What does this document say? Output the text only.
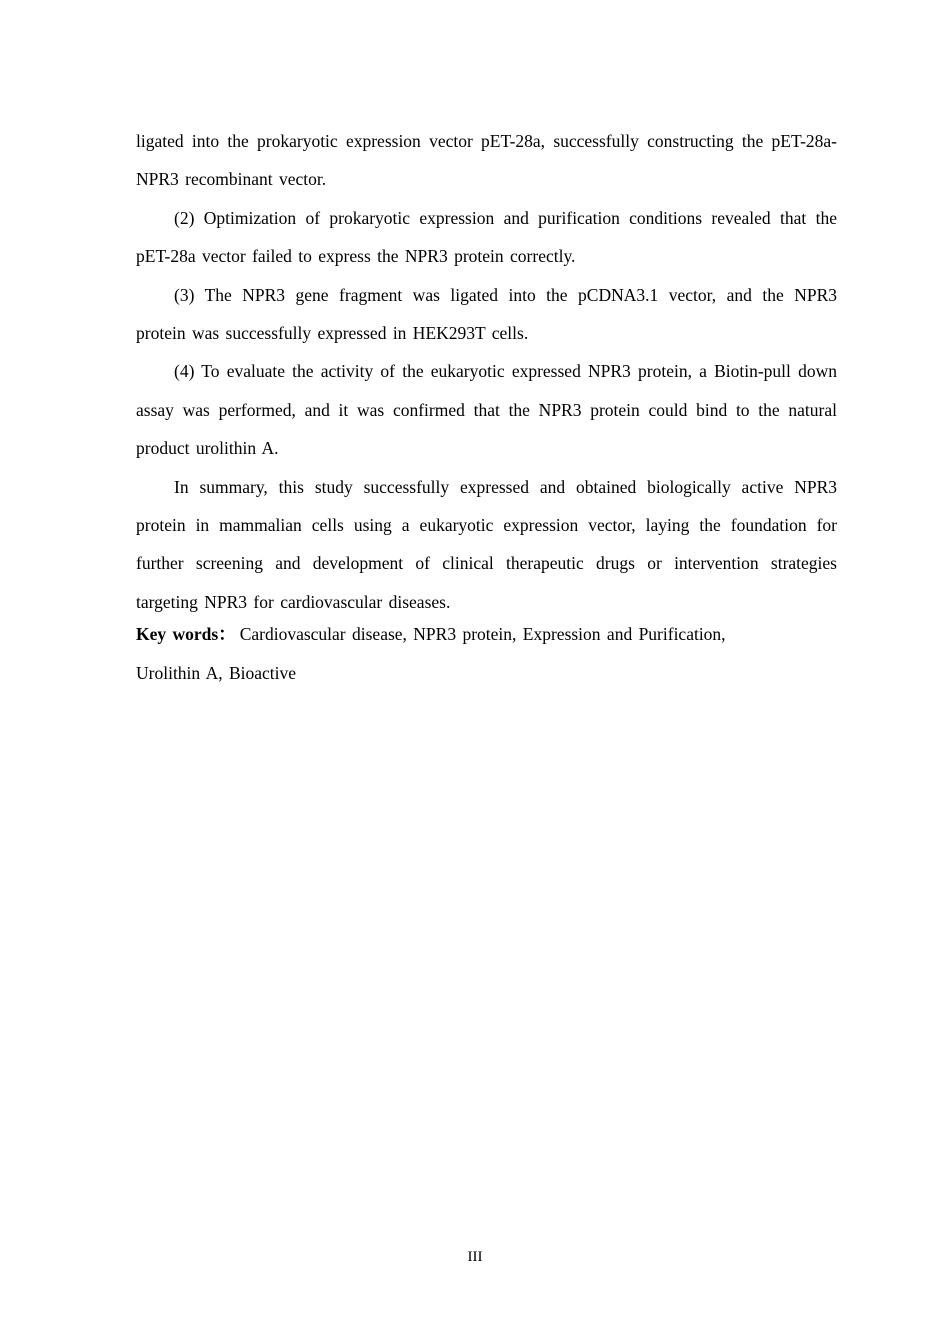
ligated into the prokaryotic expression vector pET-28a, successfully constructing the pET-28a-NPR3 recombinant vector.

(2) Optimization of prokaryotic expression and purification conditions revealed that the pET-28a vector failed to express the NPR3 protein correctly.

(3) The NPR3 gene fragment was ligated into the pCDNA3.1 vector, and the NPR3 protein was successfully expressed in HEK293T cells.

(4) To evaluate the activity of the eukaryotic expressed NPR3 protein, a Biotin-pull down assay was performed, and it was confirmed that the NPR3 protein could bind to the natural product urolithin A.

In summary, this study successfully expressed and obtained biologically active NPR3 protein in mammalian cells using a eukaryotic expression vector, laying the foundation for further screening and development of clinical therapeutic drugs or intervention strategies targeting NPR3 for cardiovascular diseases.

Key words： Cardiovascular disease, NPR3 protein, Expression and Purification,
Urolithin A, Bioactive

III
